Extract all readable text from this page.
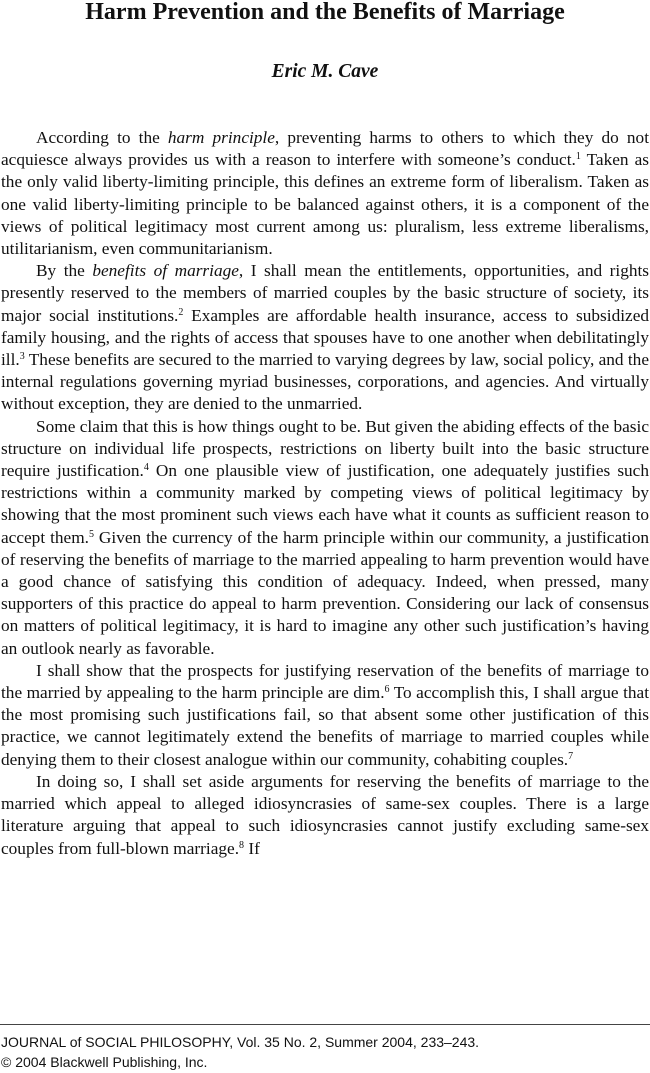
Harm Prevention and the Benefits of Marriage
Eric M. Cave

According to the harm principle, preventing harms to others to which they do not acquiesce always provides us with a reason to interfere with someone’s conduct.$^1$ Taken as the only valid liberty-limiting principle, this defines an extreme form of liberalism. Taken as one valid liberty-limiting principle to be balanced against others, it is a component of the views of political legitimacy most current among us: pluralism, less extreme liberalisms, utilitarianism, even communitarianism.

By the benefits of marriage, I shall mean the entitlements, opportunities, and rights presently reserved to the members of married couples by the basic structure of society, its major social institutions.$^2$ Examples are affordable health insurance, access to subsidized family housing, and the rights of access that spouses have to one another when debilitatingly ill.$^3$ These benefits are secured to the married to varying degrees by law, social policy, and the internal regulations governing myriad businesses, corporations, and agencies. And virtually without exception, they are denied to the unmarried.

Some claim that this is how things ought to be. But given the abiding effects of the basic structure on individual life prospects, restrictions on liberty built into the basic structure require justification.$^4$ On one plausible view of justification, one adequately justifies such restrictions within a community marked by competing views of political legitimacy by showing that the most prominent such views each have what it counts as sufficient reason to accept them.$^5$ Given the currency of the harm principle within our community, a justification of reserving the benefits of marriage to the married appealing to harm prevention would have a good chance of satisfying this condition of adequacy. Indeed, when pressed, many supporters of this practice do appeal to harm prevention. Considering our lack of consensus on matters of political legitimacy, it is hard to imagine any other such justification’s having an outlook nearly as favorable.

I shall show that the prospects for justifying reservation of the benefits of marriage to the married by appealing to the harm principle are dim.$^6$ To accomplish this, I shall argue that the most promising such justifications fail, so that absent some other justification of this practice, we cannot legitimately extend the benefits of marriage to married couples while denying them to their closest analogue within our community, cohabiting couples.$^7$

In doing so, I shall set aside arguments for reserving the benefits of marriage to the married which appeal to alleged idiosyncrasies of same-sex couples. There is a large literature arguing that appeal to such idiosyncrasies cannot justify excluding same-sex couples from full-blown marriage.$^8$ If

JOURNAL of SOCIAL PHILOSOPHY, Vol. 35 No. 2, Summer 2004, 233–243.
© 2004 Blackwell Publishing, Inc.
